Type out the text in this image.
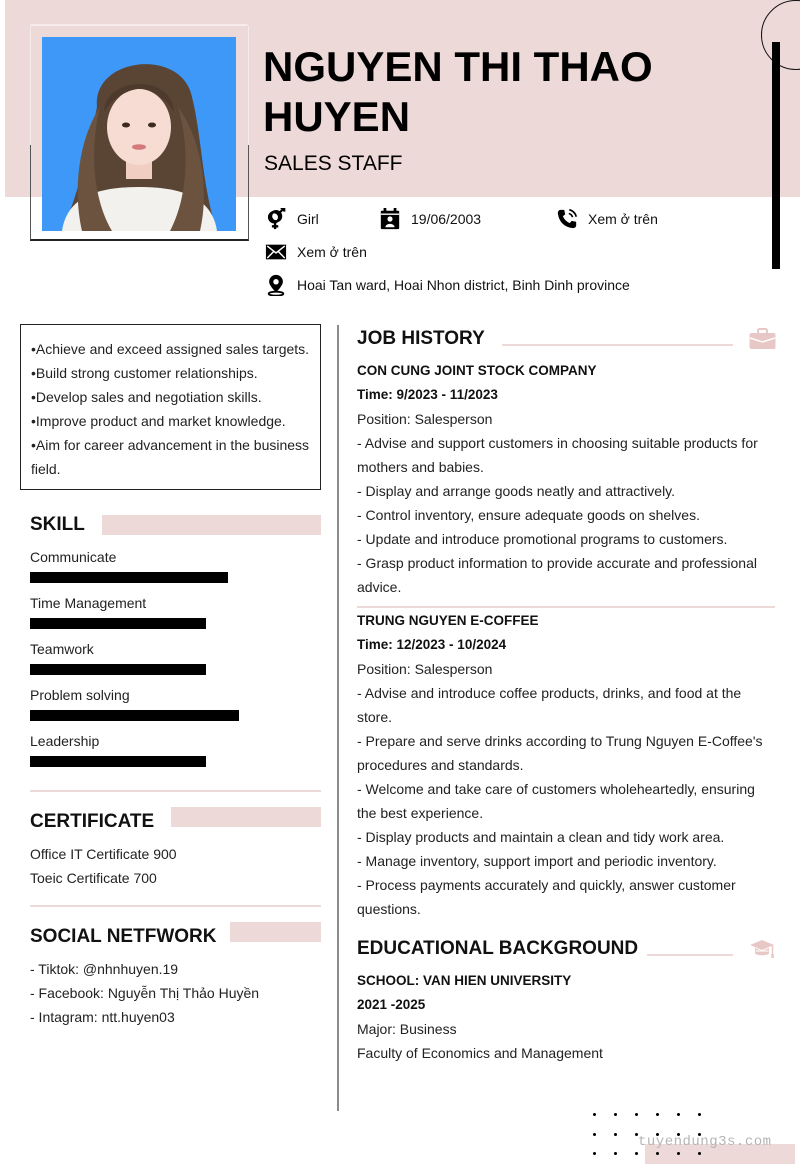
NGUYEN THI THAO
HUYEN
SALES STAFF
Girl	19/06/2003	Xem ở trên
Xem ở trên
Hoai Tan ward, Hoai Nhon district, Binh Dinh province
•Achieve and exceed assigned sales targets.
•Build strong customer relationships.
•Develop sales and negotiation skills.
•Improve product and market knowledge.
•Aim for career advancement in the business
field.
SKILL
Communicate
Time Management
Teamwork
Problem solving
Leadership
CERTIFICATE
Office IT Certificate 900
Toeic Certificate 700
SOCIAL NETFWORK
- Tiktok: @nhnhuyen.19
- Facebook: Nguyễn Thị Thảo Huyền
- Intagram: ntt.huyen03
JOB HISTORY
CON CUNG JOINT STOCK COMPANY
Time: 9/2023 - 11/2023
Position: Salesperson
- Advise and support customers in choosing suitable products for
mothers and babies.
- Display and arrange goods neatly and attractively.
- Control inventory, ensure adequate goods on shelves.
- Update and introduce promotional programs to customers.
- Grasp product information to provide accurate and professional
advice.
TRUNG NGUYEN E-COFFEE
Time: 12/2023 - 10/2024
Position: Salesperson
- Advise and introduce coffee products, drinks, and food at the
store.
- Prepare and serve drinks according to Trung Nguyen E-Coffee's
procedures and standards.
- Welcome and take care of customers wholeheartedly, ensuring
the best experience.
- Display products and maintain a clean and tidy work area.
- Manage inventory, support import and periodic inventory.
- Process payments accurately and quickly, answer customer
questions.
EDUCATIONAL BACKGROUND
SCHOOL: VAN HIEN UNIVERSITY
2021 -2025
Major: Business
Faculty of Economics and Management
tuyendung3s.com
